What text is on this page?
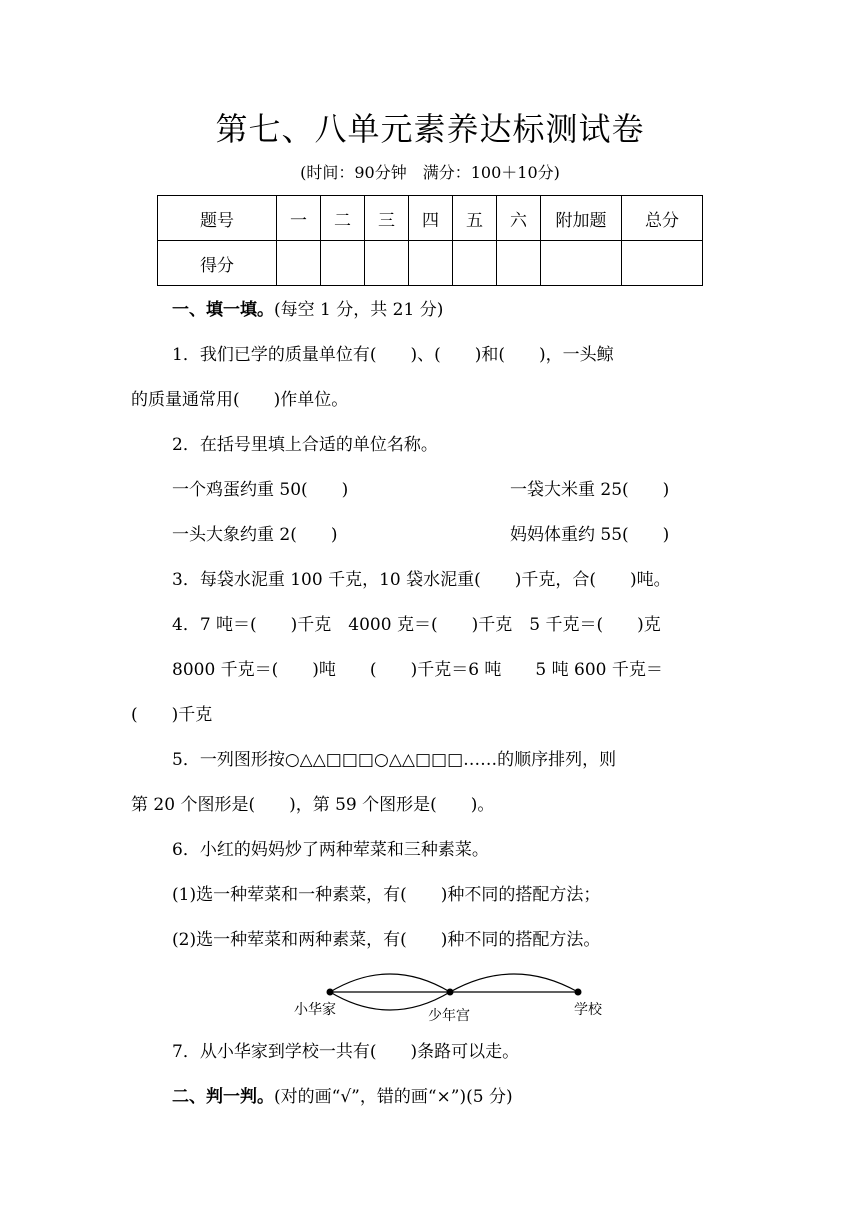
第七、八单元素养达标测试卷
(时间：90分钟　满分：100＋10分)
题号	一	二	三	四	五	六	附加题	总分
得分								
一、填一填。(每空 1 分，共 21 分)
1．我们已学的质量单位有(　　)、(　　)和(　　)，一头鲸
的质量通常用(　　)作单位。
2．在括号里填上合适的单位名称。
一个鸡蛋约重 50(　　)	一袋大米重 25(　　)
一头大象约重 2(　　)	妈妈体重约 55(　　)
3．每袋水泥重 100 千克，10 袋水泥重(　　)千克，合(　　)吨。
4．7 吨＝(　　)千克　4000 克＝(　　)千克　5 千克＝(　　)克
8000 千克＝(　　)吨　　(　　)千克＝6 吨　　5 吨 600 千克＝
(　　)千克
5．一列图形按○△△□□□○△△□□□……的顺序排列，则
第 20 个图形是(　　)，第 59 个图形是(　　)。
6．小红的妈妈炒了两种荤菜和三种素菜。
(1)选一种荤菜和一种素菜，有(　　)种不同的搭配方法；
(2)选一种荤菜和两种素菜，有(　　)种不同的搭配方法。
小华家	少年宫	学校
7．从小华家到学校一共有(　　)条路可以走。
二、判一判。(对的画“√”，错的画“×”)(5 分)
